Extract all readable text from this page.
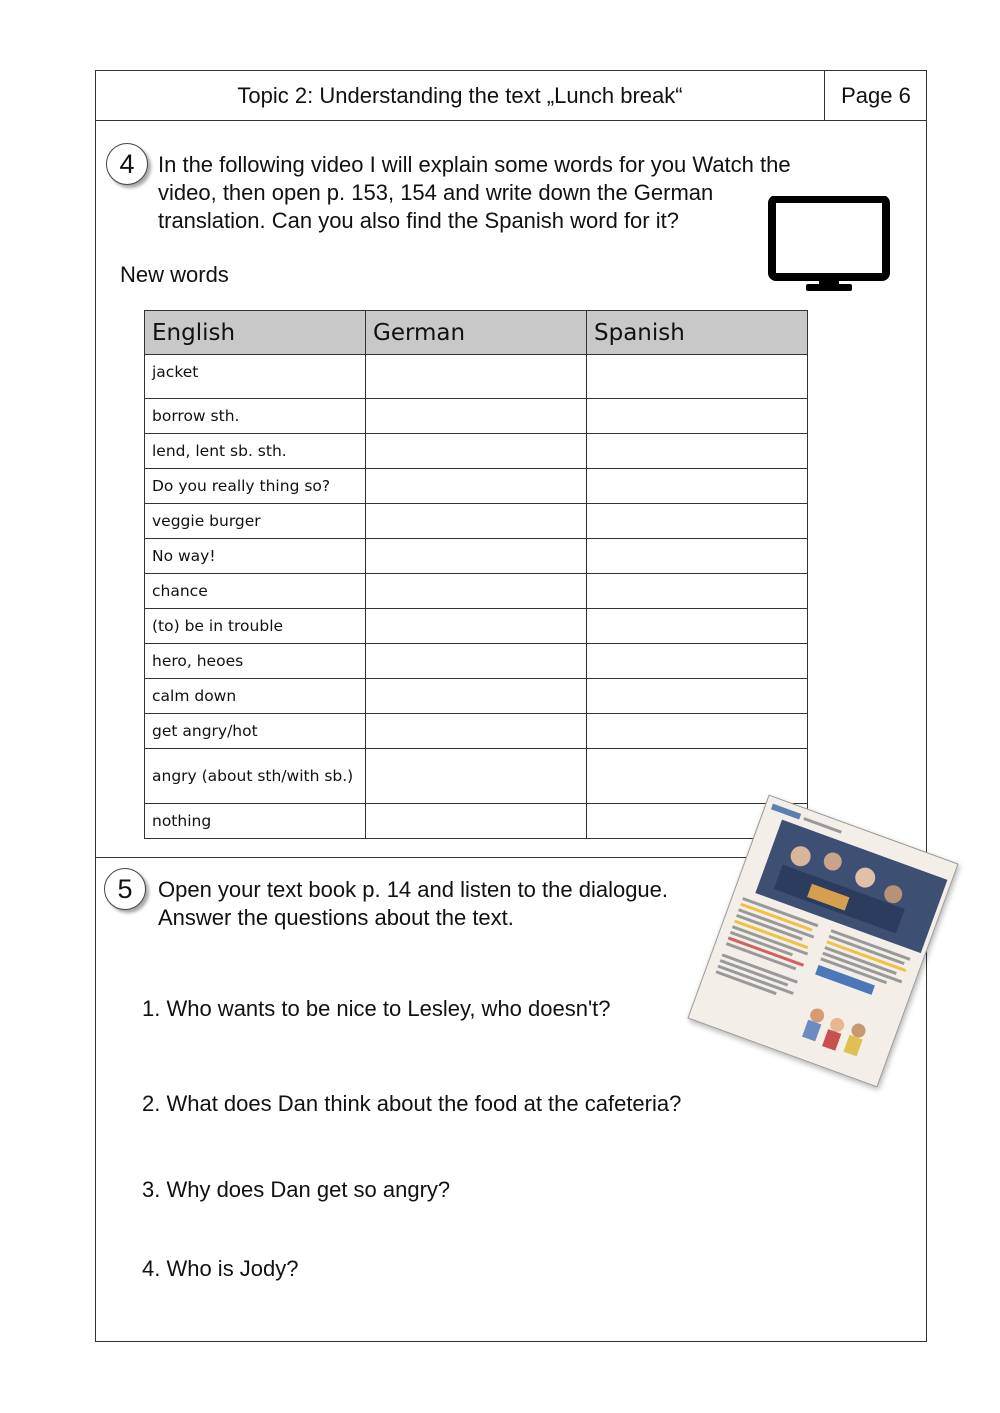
Topic 2: Understanding the text „Lunch break“	Page 6
4	In the following video I will explain some words for you Watch the
video, then open p. 153, 154 and write down the German
translation. Can you also find the Spanish word for it?
New words
English	German	Spanish
jacket		
borrow sth.		
lend, lent sb. sth.		
Do you really thing so?		
veggie burger		
No way!		
chance		
(to) be in trouble		
hero, heoes		
calm down		
get angry/hot		
angry (about sth/with sb.)		
nothing		
5	Open your text book p. 14 and listen to the dialogue.
Answer the questions about the text.
1. Who wants to be nice to Lesley, who doesn't?
2. What does Dan think about the food at the cafeteria?
3. Why does Dan get so angry?
4. Who is Jody?
